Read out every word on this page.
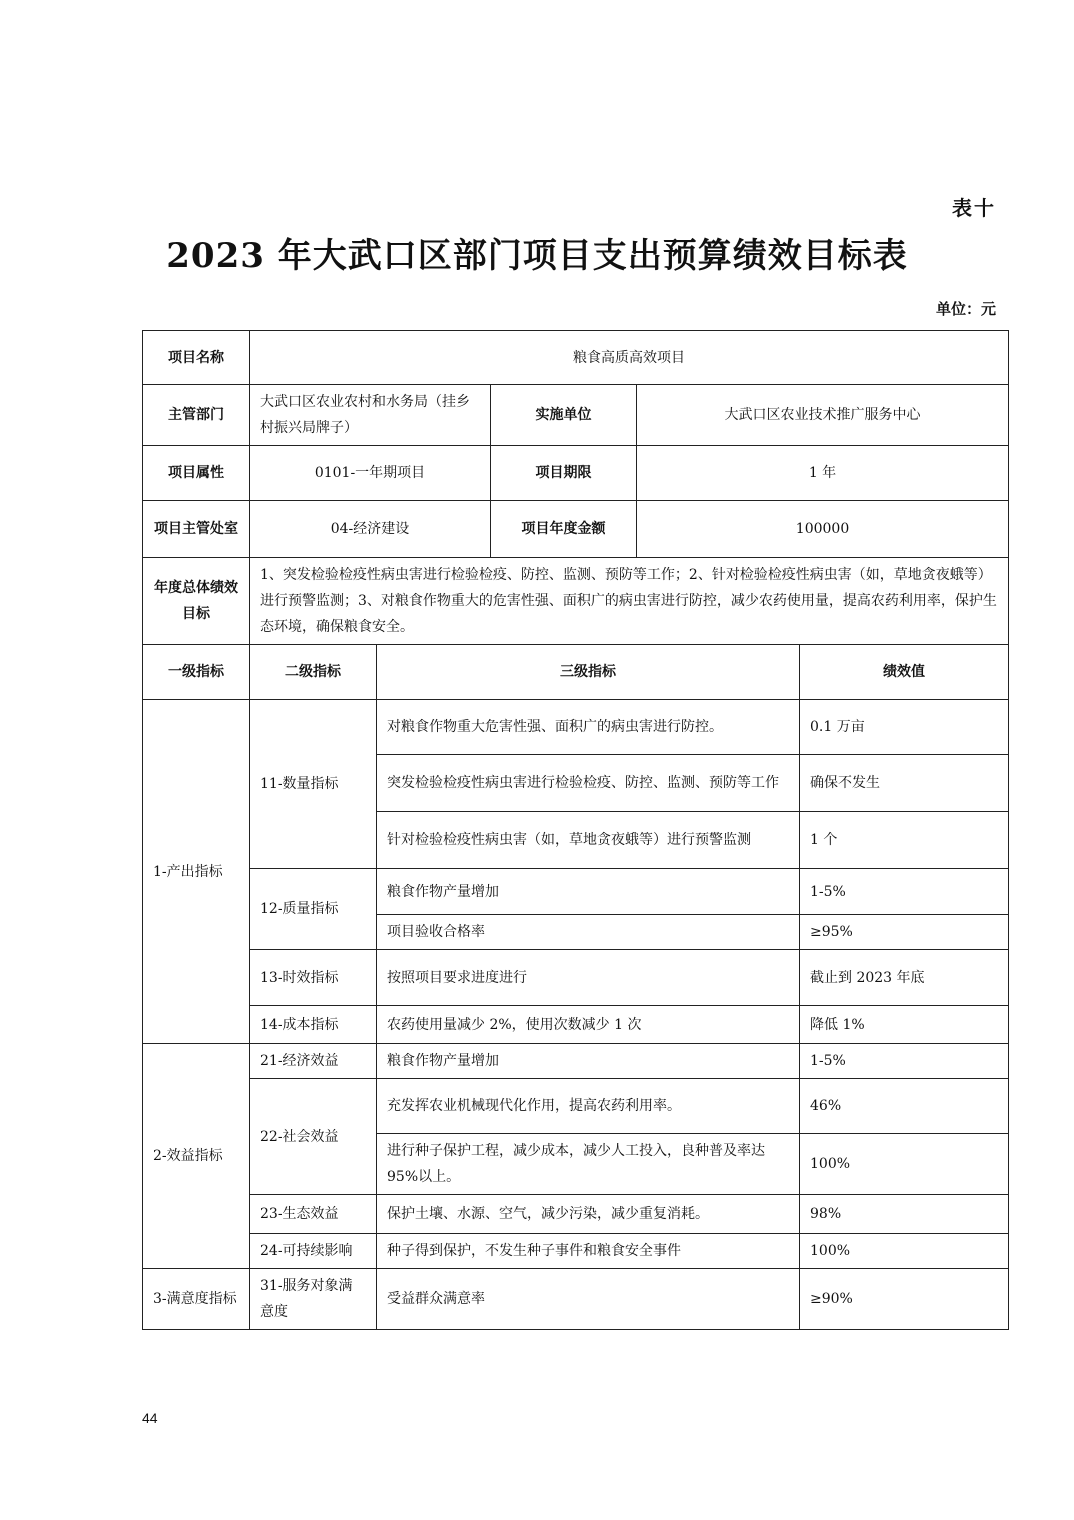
表十
2023 年大武口区部门项目支出预算绩效目标表
单位：元
项目名称	粮食高质高效项目				
主管部门	大武口区农业农村和水务局（挂乡村振兴局牌子）		实施单位	大武口区农业技术推广服务中心	
项目属性	0101-一年期项目		项目期限	1 年	
项目主管处室	04-经济建设		项目年度金额	100000	
年度总体绩效目标	1、突发检验检疫性病虫害进行检验检疫、防控、监测、预防等工作；2、针对检验检疫性病虫害（如，草地贪夜蛾等）进行预警监测；3、对粮食作物重大的危害性强、面积广的病虫害进行防控，减少农药使用量，提高农药利用率，保护生态环境，确保粮食安全。				
一级指标	二级指标	三级指标			绩效值
1-产出指标	11-数量指标	对粮食作物重大危害性强、面积广的病虫害进行防控。			0.1 万亩
		突发检验检疫性病虫害进行检验检疫、防控、监测、预防等工作			确保不发生
		针对检验检疫性病虫害（如，草地贪夜蛾等）进行预警监测			1 个
	12-质量指标	粮食作物产量增加			1-5%
		项目验收合格率			≥95%
	13-时效指标	按照项目要求进度进行			截止到 2023 年底
	14-成本指标	农药使用量减少 2%，使用次数减少 1 次			降低 1%
2-效益指标	21-经济效益	粮食作物产量增加			1-5%
	22-社会效益	充发挥农业机械现代化作用，提高农药利用率。			46%
		进行种子保护工程，减少成本，减少人工投入，良种普及率达 95%以上。			100%
	23-生态效益	保护土壤、水源、空气，减少污染，减少重复消耗。			98%
	24-可持续影响	种子得到保护，不发生种子事件和粮食安全事件			100%
3-满意度指标	31-服务对象满意度	受益群众满意率			≥90%
44
